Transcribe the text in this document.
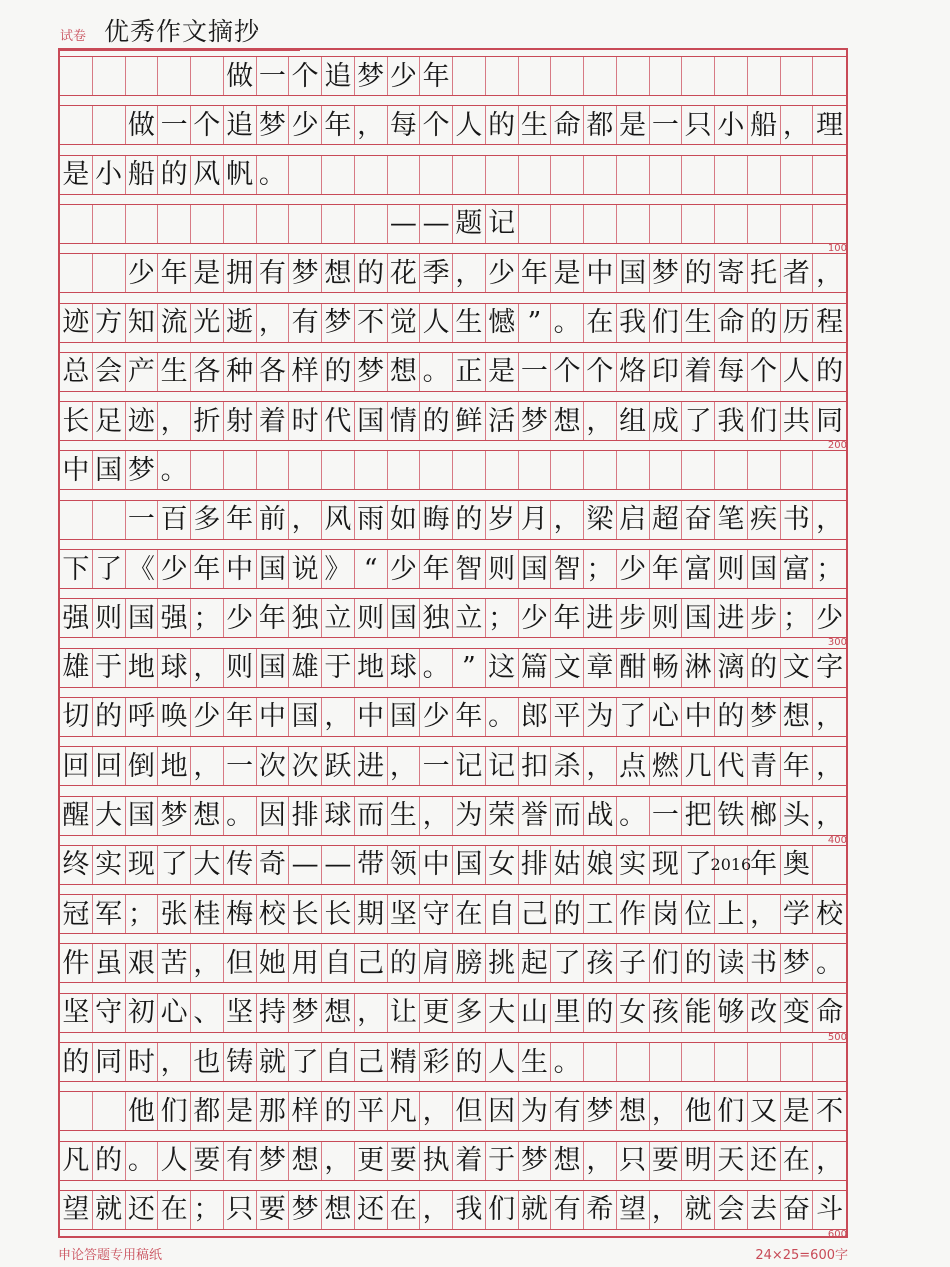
试卷 优秀作文摘抄
做 一 个 追 梦 少 年
做 一 个 追 梦 少 年 ， 每 个 人 的 生 命 都 是 一 只 小 船 ， 理
是 小 船 的 风 帆 。
— — 题 记
100
少 年 是 拥 有 梦 想 的 花 季 ， 少 年 是 中 国 梦 的 寄 托 者 ，
迹 方 知 流 光 逝 ， 有 梦 不 觉 人 生 憾 ” 。 在 我 们 生 命 的 历 程
总 会 产 生 各 种 各 样 的 梦 想 。 正 是 一 个 个 烙 印 着 每 个 人 的
长 足 迹 ， 折 射 着 时 代 国 情 的 鲜 活 梦 想 ， 组 成 了 我 们 共 同
200
中 国 梦 。
一 百 多 年 前 ， 风 雨 如 晦 的 岁 月 ， 梁 启 超 奋 笔 疾 书 ，
下 了 《 少 年 中 国 说 》 “ 少 年 智 则 国 智 ； 少 年 富 则 国 富 ；
强 则 国 强 ； 少 年 独 立 则 国 独 立 ； 少 年 进 步 则 国 进 步 ； 少
300
雄 于 地 球 ， 则 国 雄 于 地 球 。 ” 这 篇 文 章 酣 畅 淋 漓 的 文 字
切 的 呼 唤 少 年 中 国 ， 中 国 少 年 。 郎 平 为 了 心 中 的 梦 想 ，
回 回 倒 地 ， 一 次 次 跃 进 ， 一 记 记 扣 杀 ， 点 燃 几 代 青 年 ，
醒 大 国 梦 想 。 因 排 球 而 生 ， 为 荣 誉 而 战 。 一 把 铁 榔 头 ，
400
终 实 现 了 大 传 奇 — — 带 领 中 国 女 排 姑 娘 实 现 了
2016
年 奥
冠 军 ； 张 桂 梅 校 长 长 期 坚 守 在 自 己 的 工 作 岗 位 上 ， 学 校
件 虽 艰 苦 ， 但 她 用 自 己 的 肩 膀 挑 起 了 孩 子 们 的 读 书 梦 。
坚 守 初 心 、 坚 持 梦 想 ， 让 更 多 大 山 里 的 女 孩 能 够 改 变 命
500
的 同 时 ， 也 铸 就 了 自 己 精 彩 的 人 生 。
他 们 都 是 那 样 的 平 凡 ， 但 因 为 有 梦 想 ， 他 们 又 是 不
凡 的 。 人 要 有 梦 想 ， 更 要 执 着 于 梦 想 ， 只 要 明 天 还 在 ，
望 就 还 在 ； 只 要 梦 想 还 在 ， 我 们 就 有 希 望 ， 就 会 去 奋 斗
600
申论答题专用稿纸	24×25=600字
